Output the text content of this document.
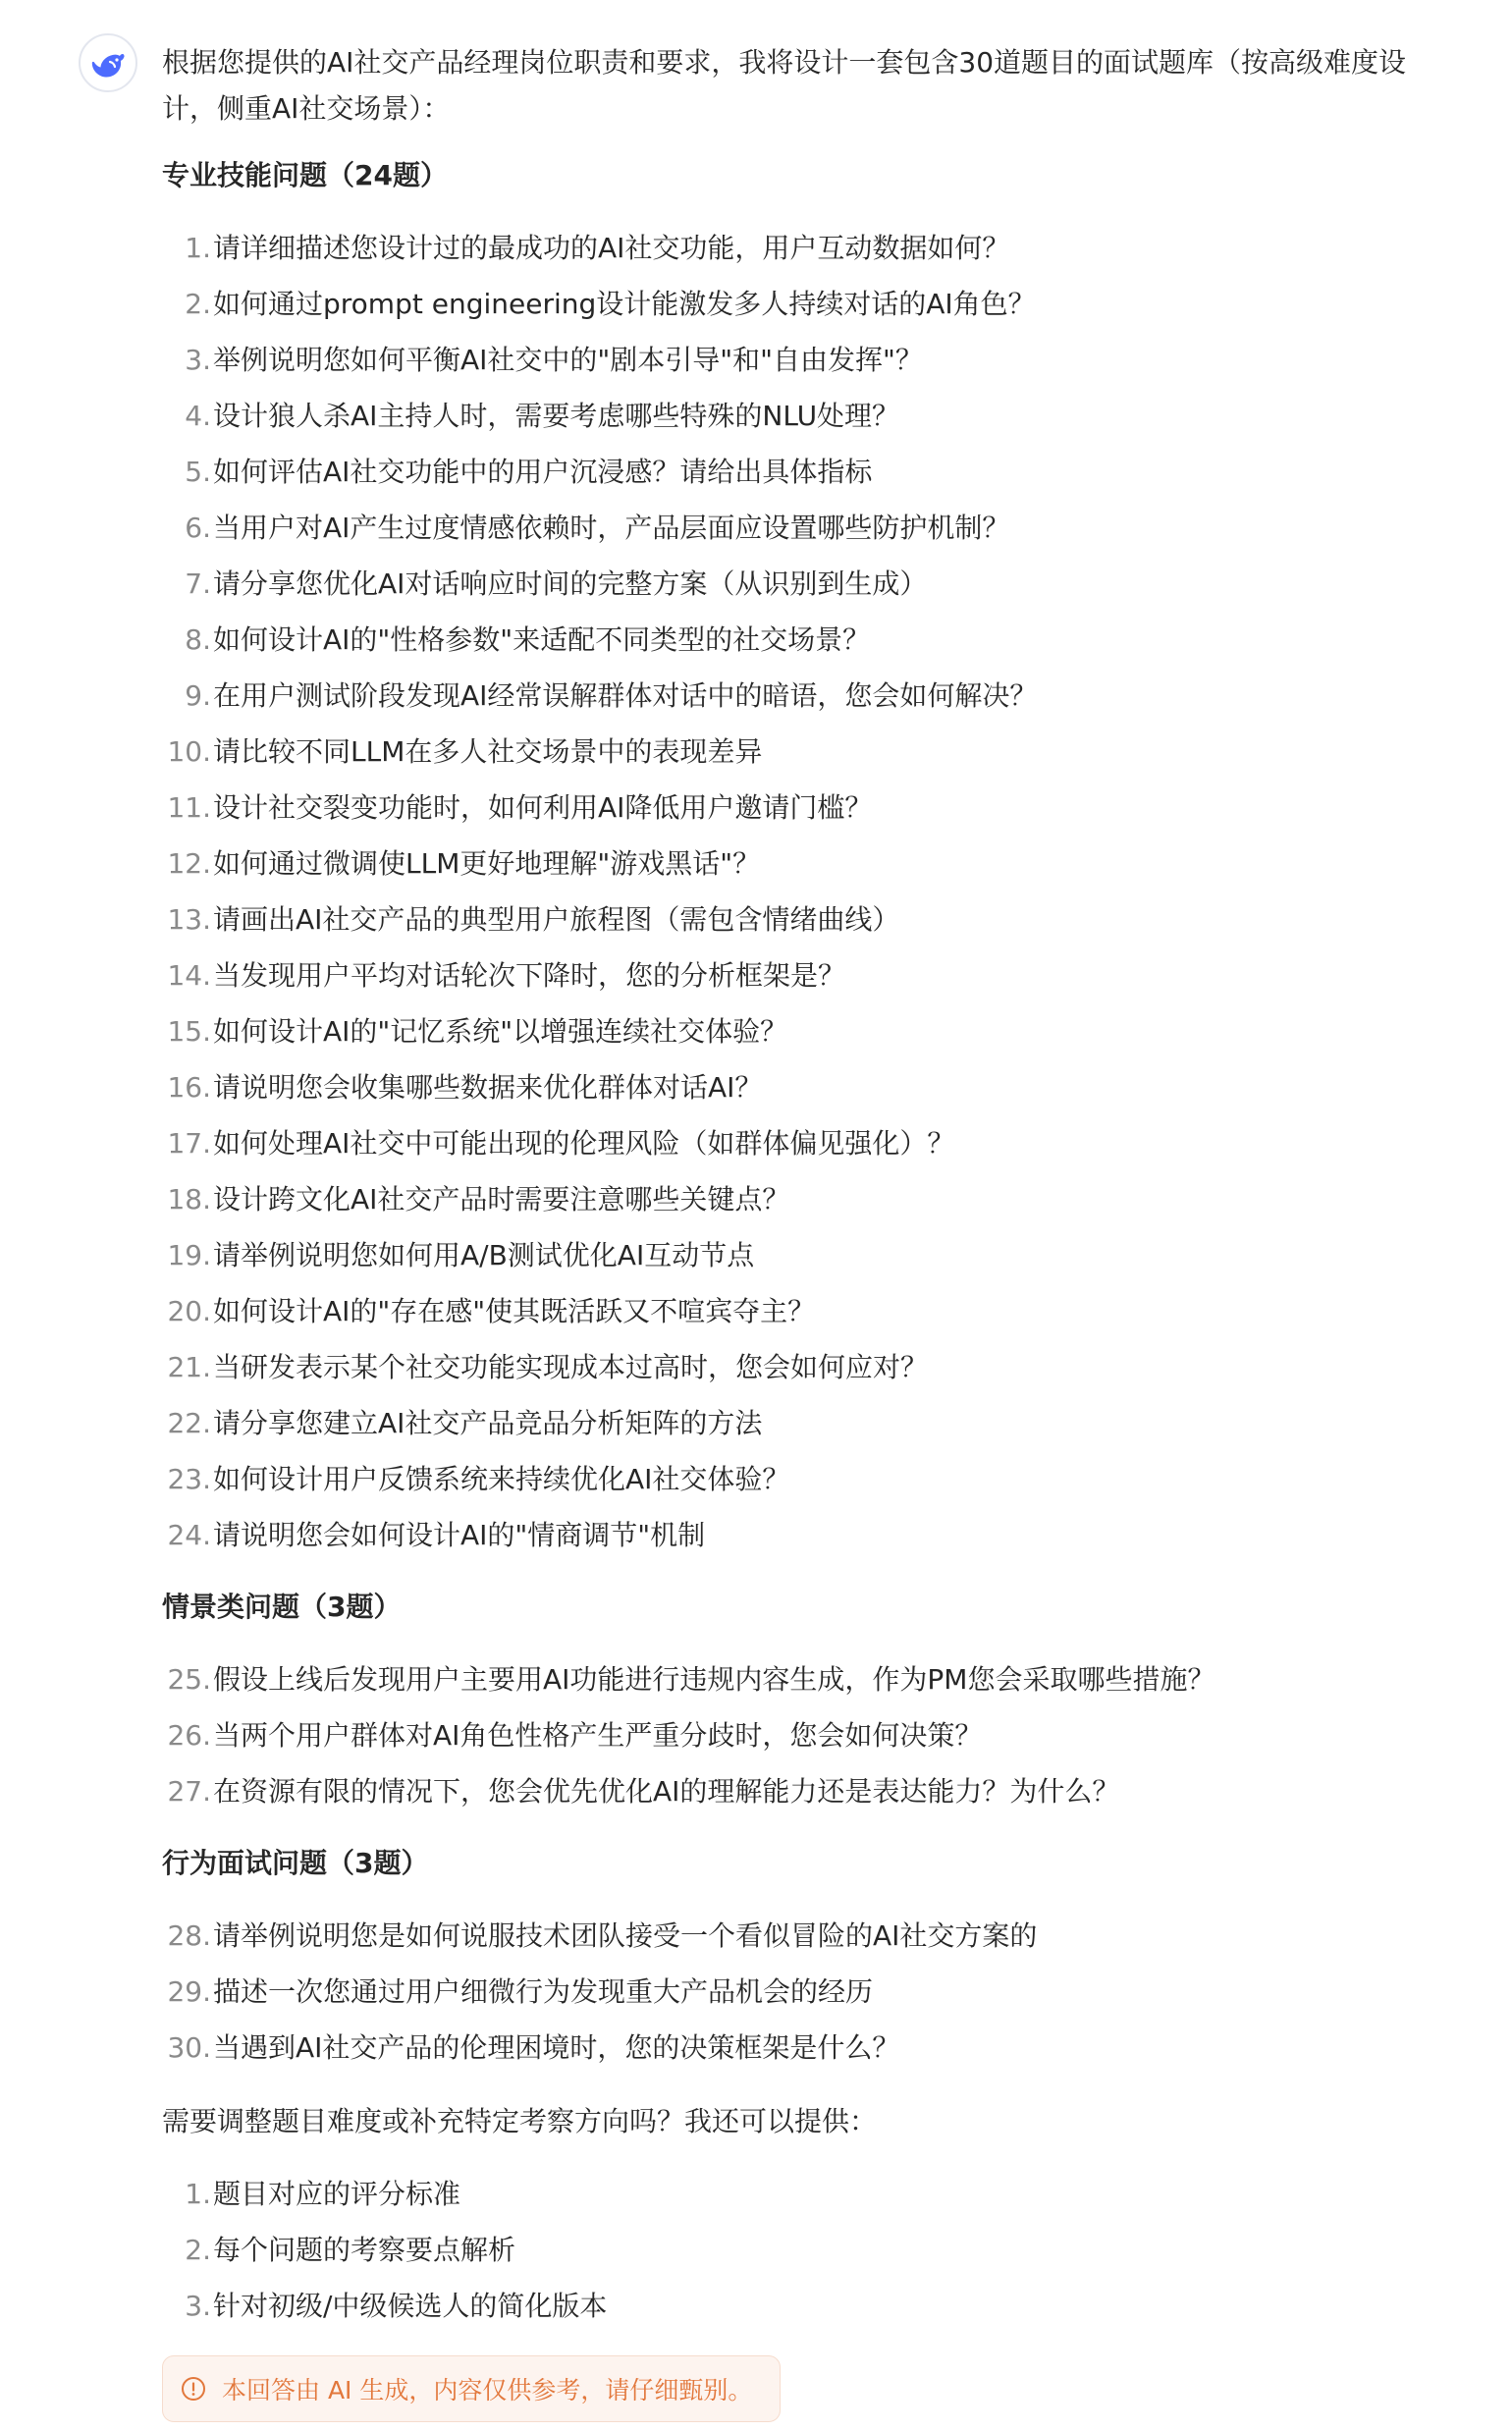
根据您提供的AI社交产品经理岗位职责和要求，我将设计一套包含30道题目的面试题库（按高级难度设计，侧重AI社交场景）：

专业技能问题（24题）
1.请详细描述您设计过的最成功的AI社交功能，用户互动数据如何？
2.如何通过prompt engineering设计能激发多人持续对话的AI角色？
3.举例说明您如何平衡AI社交中的"剧本引导"和"自由发挥"？
4.设计狼人杀AI主持人时，需要考虑哪些特殊的NLU处理？
5.如何评估AI社交功能中的用户沉浸感？请给出具体指标
6.当用户对AI产生过度情感依赖时，产品层面应设置哪些防护机制？
7.请分享您优化AI对话响应时间的完整方案（从识别到生成）
8.如何设计AI的"性格参数"来适配不同类型的社交场景？
9.在用户测试阶段发现AI经常误解群体对话中的暗语，您会如何解决？
10.请比较不同LLM在多人社交场景中的表现差异
11.设计社交裂变功能时，如何利用AI降低用户邀请门槛？
12.如何通过微调使LLM更好地理解"游戏黑话"？
13.请画出AI社交产品的典型用户旅程图（需包含情绪曲线）
14.当发现用户平均对话轮次下降时，您的分析框架是？
15.如何设计AI的"记忆系统"以增强连续社交体验？
16.请说明您会收集哪些数据来优化群体对话AI？
17.如何处理AI社交中可能出现的伦理风险（如群体偏见强化）？
18.设计跨文化AI社交产品时需要注意哪些关键点？
19.请举例说明您如何用A/B测试优化AI互动节点
20.如何设计AI的"存在感"使其既活跃又不喧宾夺主？
21.当研发表示某个社交功能实现成本过高时，您会如何应对？
22.请分享您建立AI社交产品竞品分析矩阵的方法
23.如何设计用户反馈系统来持续优化AI社交体验？
24.请说明您会如何设计AI的"情商调节"机制
情景类问题（3题）
25.假设上线后发现用户主要用AI功能进行违规内容生成，作为PM您会采取哪些措施？
26.当两个用户群体对AI角色性格产生严重分歧时，您会如何决策？
27.在资源有限的情况下，您会优先优化AI的理解能力还是表达能力？为什么？
行为面试问题（3题）
28.请举例说明您是如何说服技术团队接受一个看似冒险的AI社交方案的
29.描述一次您通过用户细微行为发现重大产品机会的经历
30.当遇到AI社交产品的伦理困境时，您的决策框架是什么？

需要调整题目难度或补充特定考察方向吗？我还可以提供：

1.题目对应的评分标准
2.每个问题的考察要点解析
3.针对初级/中级候选人的简化版本
本回答由 AI 生成，内容仅供参考，请仔细甄别。
